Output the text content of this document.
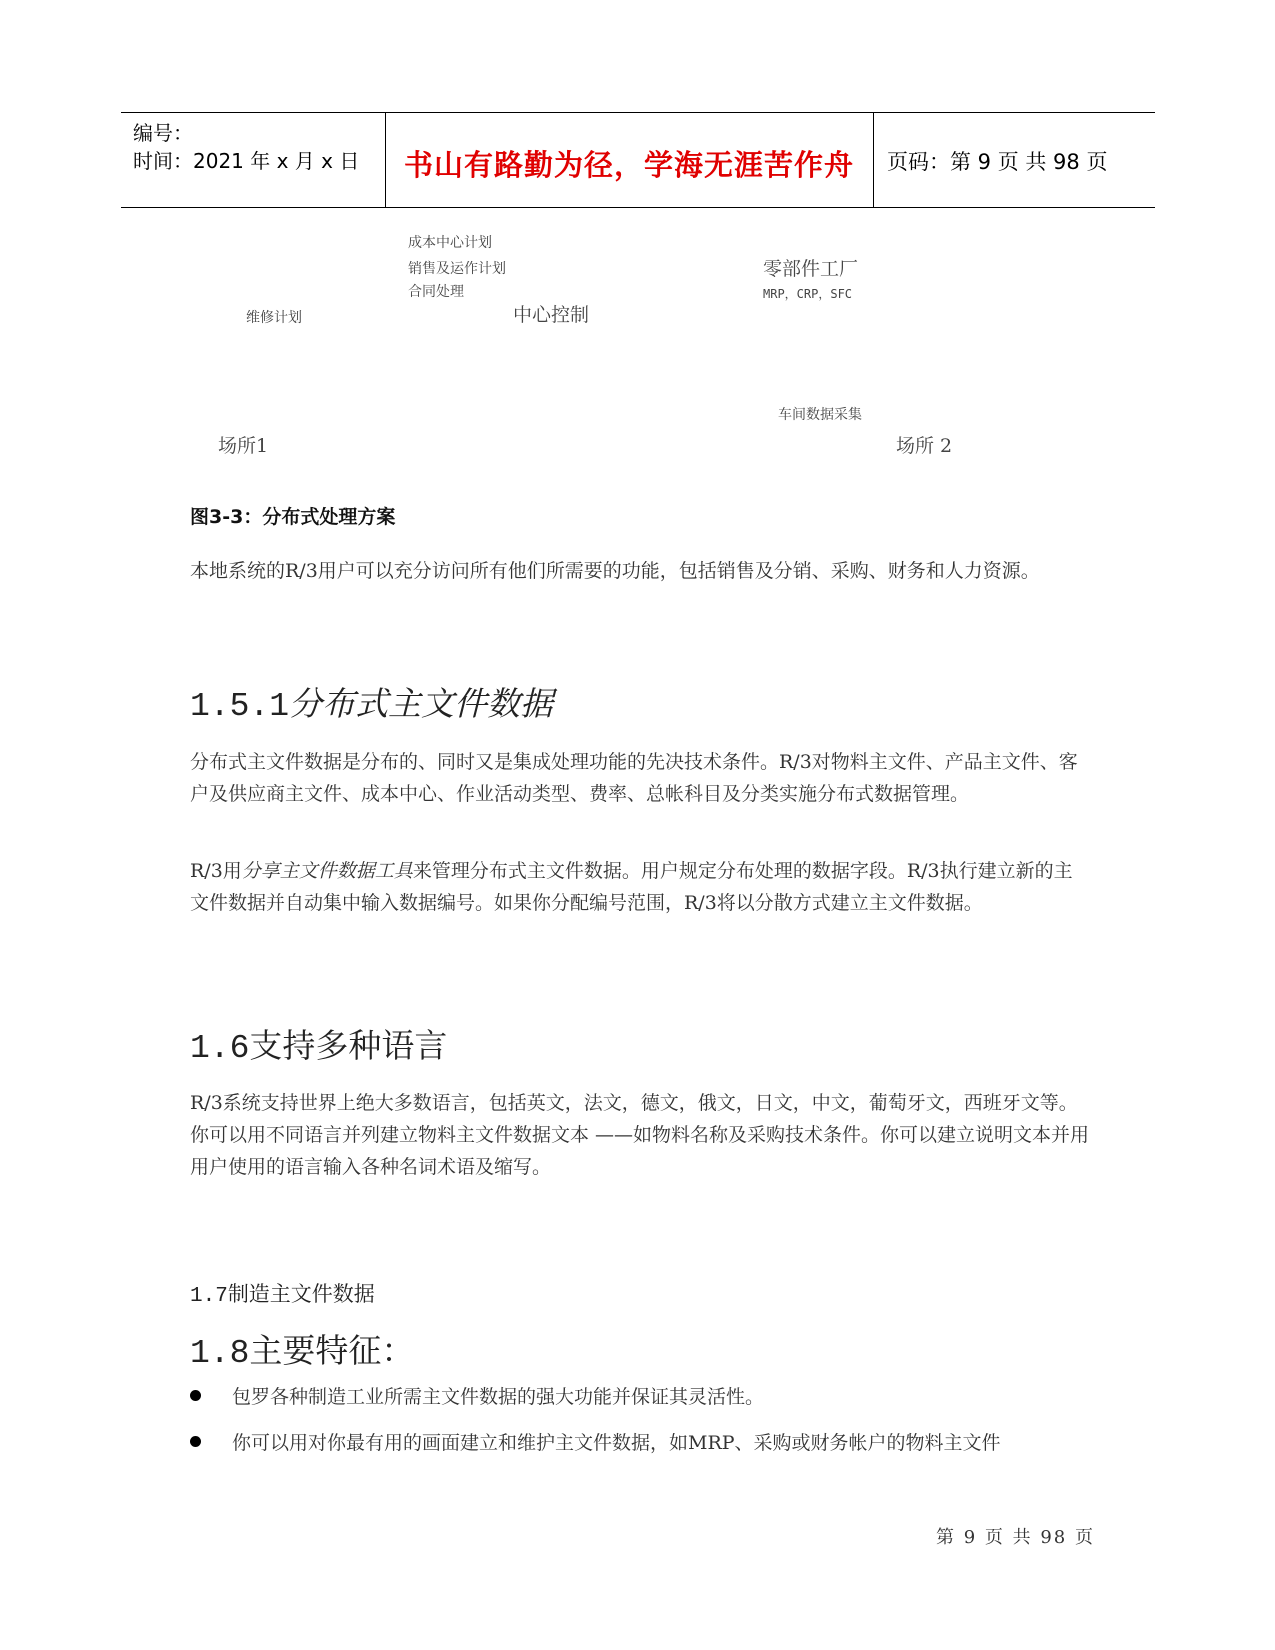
编号：
时间：2021 年 x 月 x 日	书山有路勤为径，学海无涯苦作舟	页码：第 9 页 共 98 页
成本中心计划
销售及运作计划
合同处理
维修计划	中心控制
零部件工厂
MRP，CRP，SFC
车间数据采集
场所1	场所 2
图3-3：分布式处理方案
本地系统的R/3用户可以充分访问所有他们所需要的功能，包括销售及分销、采购、财务和人力资源。
1.5.1分布式主文件数据
分布式主文件数据是分布的、同时又是集成处理功能的先决技术条件。R/3对物料主文件、产品主文件、客户及供应商主文件、成本中心、作业活动类型、费率、总帐科目及分类实施分布式数据管理。
R/3用分享主文件数据工具来管理分布式主文件数据。用户规定分布处理的数据字段。R/3执行建立新的主文件数据并自动集中输入数据编号。如果你分配编号范围，R/3将以分散方式建立主文件数据。
1.6支持多种语言
R/3系统支持世界上绝大多数语言，包括英文，法文，德文，俄文，日文，中文，葡萄牙文，西班牙文等。你可以用不同语言并列建立物料主文件数据文本 ——如物料名称及采购技术条件。你可以建立说明文本并用用户使用的语言输入各种名词术语及缩写。
1.7制造主文件数据
1.8主要特征：
包罗各种制造工业所需主文件数据的强大功能并保证其灵活性。
你可以用对你最有用的画面建立和维护主文件数据，如MRP、采购或财务帐户的物料主文件
第 9 页 共 98 页
